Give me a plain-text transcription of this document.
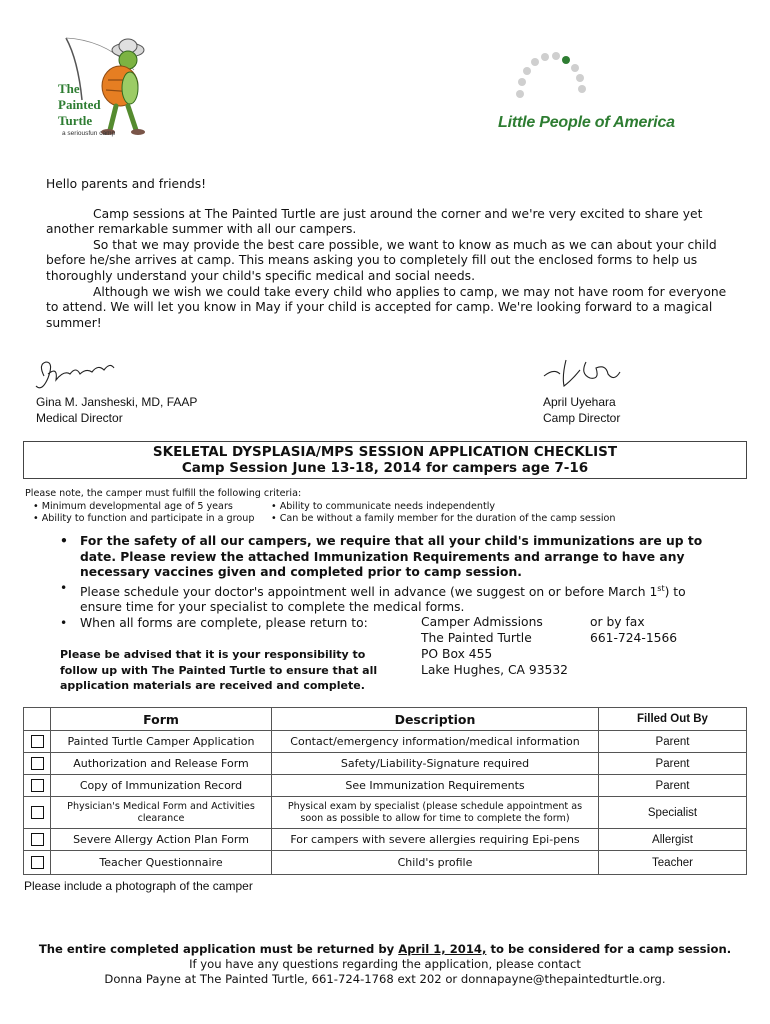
The
Painted
Turtle
a seriousfun camp
Little People of America

Hello parents and friends!

Camp sessions at The Painted Turtle are just around the corner and we're very excited to share yet another remarkable summer with all our campers.

So that we may provide the best care possible, we want to know as much as we can about your child before he/she arrives at camp. This means asking you to completely fill out the enclosed forms to help us thoroughly understand your child's specific medical and social needs.

Although we wish we could take every child who applies to camp, we may not have room for everyone to attend. We will let you know in May if your child is accepted for camp. We're looking forward to a magical summer!

Gina M. Jansheski, MD, FAAP
Medical Director
April Uyehara
Camp Director
SKELETAL DYSPLASIA/MPS SESSION APPLICATION CHECKLIST
Camp Session June 13-18, 2014 for campers age 7-16
Please note, the camper must fulfill the following criteria:
• Minimum developmental age of 5 years	• Ability to communicate needs independently
• Ability to function and participate in a group	• Can be without a family member for the duration of the camp session
• For the safety of all our campers, we require that all your child's immunizations are up to date. Please review the attached Immunization Requirements and arrange to have any necessary vaccines given and completed prior to camp session.
• Please schedule your doctor's appointment well in advance (we suggest on or before March 1st) to ensure time for your specialist to complete the medical forms.
• When all forms are complete, please return to:
Please be advised that it is your responsibility to follow up with The Painted Turtle to ensure that all application materials are received and complete.
Camper Admissions
The Painted Turtle
PO Box 455
Lake Hughes, CA 93532
or by fax
661-724-1566
	Form	Description	Filled Out By
	Painted Turtle Camper Application	Contact/emergency information/medical information	Parent
	Authorization and Release Form	Safety/Liability-Signature required	Parent
	Copy of Immunization Record	See Immunization Requirements	Parent
	Physician's Medical Form and Activities clearance	Physical exam by specialist (please schedule appointment as soon as possible to allow for time to complete the form)	Specialist
	Severe Allergy Action Plan Form	For campers with severe allergies requiring Epi-pens	Allergist
	Teacher Questionnaire	Child's profile	Teacher
Please include a photograph of the camper
The entire completed application must be returned by April 1, 2014, to be considered for a camp session.
If you have any questions regarding the application, please contact
Donna Payne at The Painted Turtle, 661-724-1768 ext 202 or donnapayne@thepaintedturtle.org.
